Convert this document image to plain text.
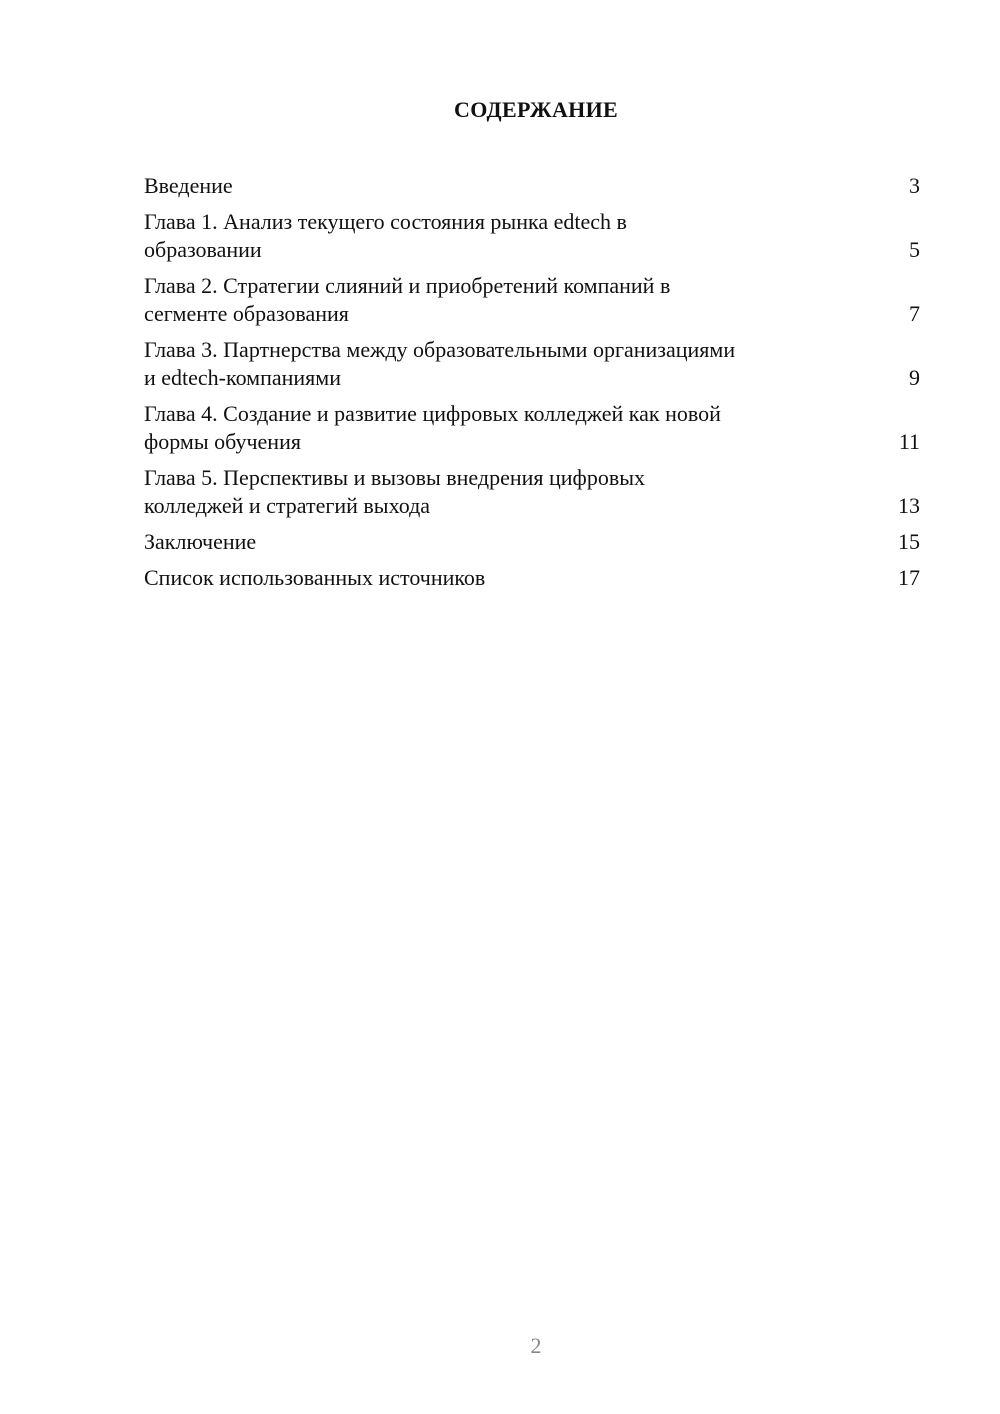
СОДЕРЖАНИЕ
Введение	3
Глава 1. Анализ текущего состояния рынка edtech в
образовании	5
Глава 2. Стратегии слияний и приобретений компаний в
сегменте образования	7
Глава 3. Партнерства между образовательными организациями
и edtech-компаниями	9
Глава 4. Создание и развитие цифровых колледжей как новой
формы обучения	11
Глава 5. Перспективы и вызовы внедрения цифровых
колледжей и стратегий выхода	13
Заключение	15
Список использованных источников	17
2
